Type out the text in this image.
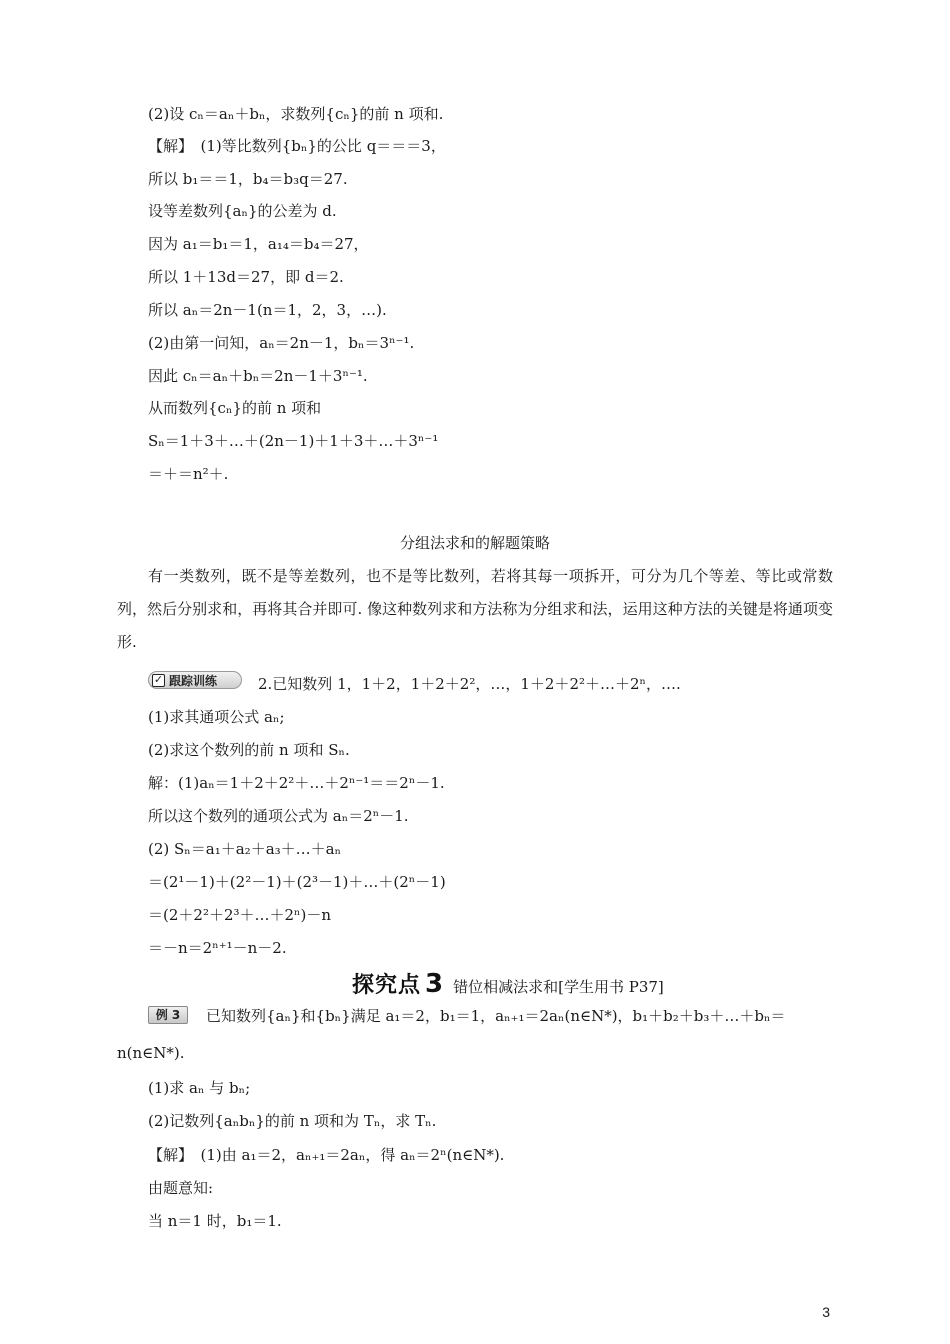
(2)设 cₙ＝aₙ＋bₙ，求数列{cₙ}的前 n 项和.
【解】　(1)等比数列{bₙ}的公比 q＝＝＝3，
所以 b₁＝＝1，b₄＝b₃q＝27.
设等差数列{aₙ}的公差为 d.
因为 a₁＝b₁＝1，a₁₄＝b₄＝27，
所以 1＋13d＝27，即 d＝2.
所以 aₙ＝2n－1(n＝1，2，3，…).
(2)由第一问知，aₙ＝2n－1，bₙ＝3ⁿ⁻¹.
因此 cₙ＝aₙ＋bₙ＝2n－1＋3ⁿ⁻¹.
从而数列{cₙ}的前 n 项和
Sₙ＝1＋3＋…＋(2n－1)＋1＋3＋…＋3ⁿ⁻¹
＝＋＝n²＋.
分组法求和的解题策略
有一类数列，既不是等差数列，也不是等比数列，若将其每一项拆开，可分为几个等差、等比或常数列，然后分别求和，再将其合并即可. 像这种数列求和方法称为分组求和法，运用这种方法的关键是将通项变形.
✓ 跟踪训练	2.已知数列 1，1＋2，1＋2＋2²，…，1＋2＋2²＋…＋2ⁿ，….
(1)求其通项公式 aₙ;
(2)求这个数列的前 n 项和 Sₙ.
解：(1)aₙ＝1＋2＋2²＋…＋2ⁿ⁻¹＝＝2ⁿ－1.
所以这个数列的通项公式为 aₙ＝2ⁿ－1.
(2) Sₙ＝a₁＋a₂＋a₃＋…＋aₙ
＝(2¹－1)＋(2²－1)＋(2³－1)＋…＋(2ⁿ－1)
＝(2＋2²＋2³＋…＋2ⁿ)－n
＝－n＝2ⁿ⁺¹－n－2.
探究点 3 错位相减法求和[学生用书 P37]
例 3	已知数列{aₙ}和{bₙ}满足 a₁＝2，b₁＝1，aₙ₊₁＝2aₙ(n∈N*)，b₁＋b₂＋b₃＋…＋bₙ＝
n(n∈N*).
(1)求 aₙ 与 bₙ;
(2)记数列{aₙbₙ}的前 n 项和为 Tₙ，求 Tₙ.
【解】　(1)由 a₁＝2，aₙ₊₁＝2aₙ，得 aₙ＝2ⁿ(n∈N*).
由题意知:
当 n＝1 时，b₁＝1.
3
